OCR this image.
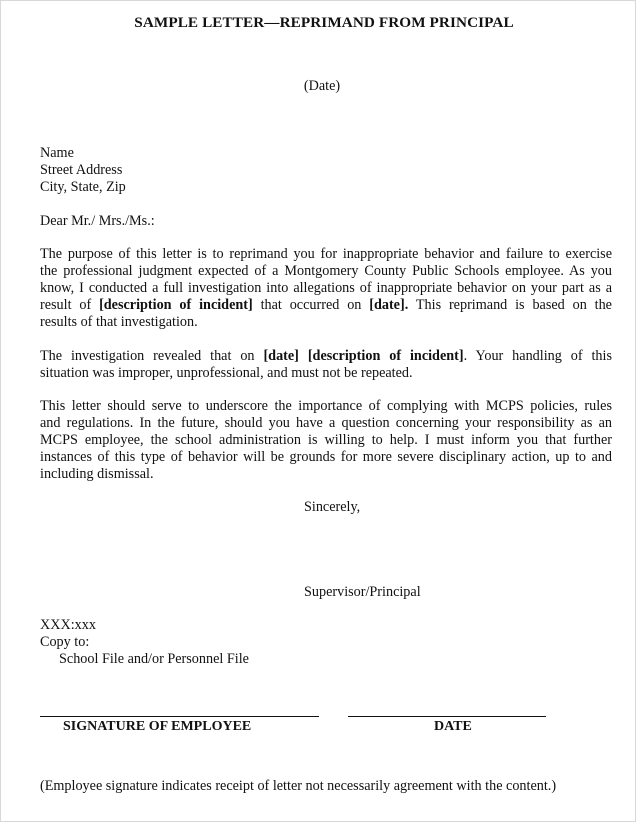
SAMPLE LETTER—REPRIMAND FROM PRINCIPAL
(Date)
Name
Street Address
City, State, Zip
Dear Mr./ Mrs./Ms.:
The purpose of this letter is to reprimand you for inappropriate behavior and failure to exercise
the professional judgment expected of a Montgomery County Public Schools employee. As you
know, I conducted a full investigation into allegations of inappropriate behavior on your part as a
result of [description of incident] that occurred on [date]. This reprimand is based on the
results of that investigation.
The investigation revealed that on [date] [description of incident]. Your handling of this
situation was improper, unprofessional, and must not be repeated.
This letter should serve to underscore the importance of complying with MCPS policies, rules
and regulations. In the future, should you have a question concerning your responsibility as an
MCPS employee, the school administration is willing to help. I must inform you that further
instances of this type of behavior will be grounds for more severe disciplinary action, up to and
including dismissal.
Sincerely,
Supervisor/Principal
XXX:xxx
Copy to:
School File and/or Personnel File
SIGNATURE OF EMPLOYEE	DATE
(Employee signature indicates receipt of letter not necessarily agreement with the content.)
